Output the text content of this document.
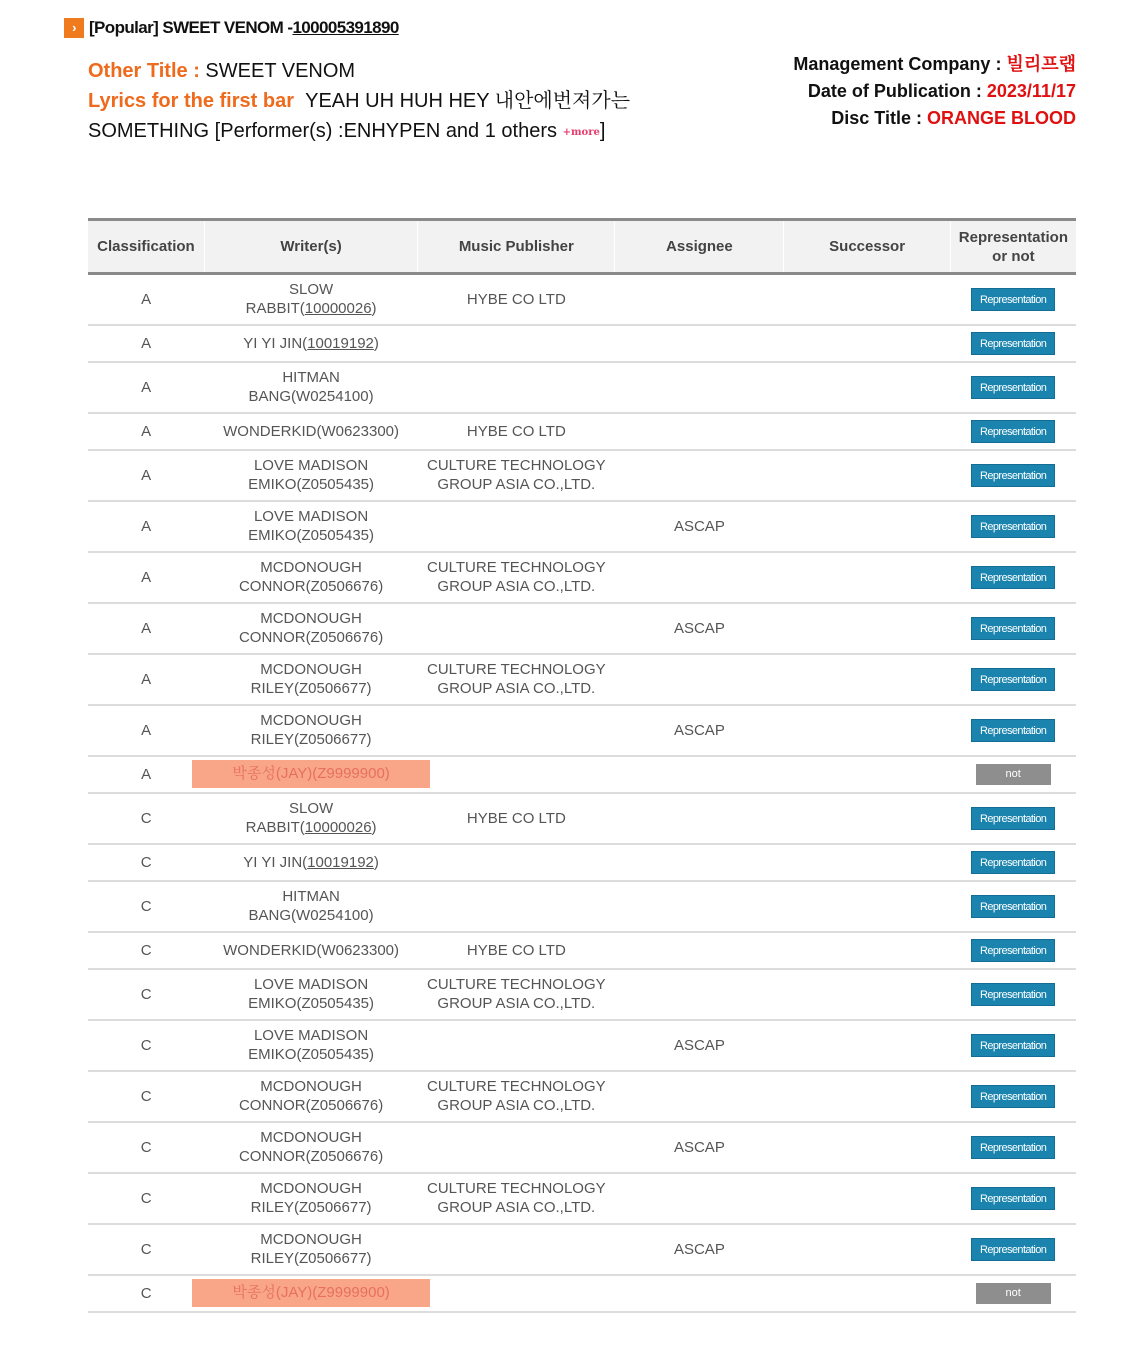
› [Popular] SWEET VENOM - 100005391890
Other Title : SWEET VENOM
Lyrics for the first bar YEAH UH HUH HEY 내안에번져가는
SOMETHING [Performer(s) :ENHYPEN and 1 others +more]
Management Company : 빌리프랩
Date of Publication : 2023/11/17
Disc Title : ORANGE BLOOD
Classification	Writer(s)	Music Publisher	Assignee	Successor	Representation
or not
A	SLOW
RABBIT(10000026)	HYBE CO LTD			Representation
A	YI YI JIN(10019192)				Representation
A	HITMAN
BANG(W0254100)				Representation
A	WONDERKID(W0623300)	HYBE CO LTD			Representation
A	LOVE MADISON
EMIKO(Z0505435)	CULTURE TECHNOLOGY
GROUP ASIA CO.,LTD.			Representation
A	LOVE MADISON
EMIKO(Z0505435)		ASCAP		Representation
A	MCDONOUGH
CONNOR(Z0506676)	CULTURE TECHNOLOGY
GROUP ASIA CO.,LTD.			Representation
A	MCDONOUGH
CONNOR(Z0506676)		ASCAP		Representation
A	MCDONOUGH
RILEY(Z0506677)	CULTURE TECHNOLOGY
GROUP ASIA CO.,LTD.			Representation
A	MCDONOUGH
RILEY(Z0506677)		ASCAP		Representation
A	박종성(JAY)(Z9999900)				not
C	SLOW
RABBIT(10000026)	HYBE CO LTD			Representation
C	YI YI JIN(10019192)				Representation
C	HITMAN
BANG(W0254100)				Representation
C	WONDERKID(W0623300)	HYBE CO LTD			Representation
C	LOVE MADISON
EMIKO(Z0505435)	CULTURE TECHNOLOGY
GROUP ASIA CO.,LTD.			Representation
C	LOVE MADISON
EMIKO(Z0505435)		ASCAP		Representation
C	MCDONOUGH
CONNOR(Z0506676)	CULTURE TECHNOLOGY
GROUP ASIA CO.,LTD.			Representation
C	MCDONOUGH
CONNOR(Z0506676)		ASCAP		Representation
C	MCDONOUGH
RILEY(Z0506677)	CULTURE TECHNOLOGY
GROUP ASIA CO.,LTD.			Representation
C	MCDONOUGH
RILEY(Z0506677)		ASCAP		Representation
C	박종성(JAY)(Z9999900)				not
